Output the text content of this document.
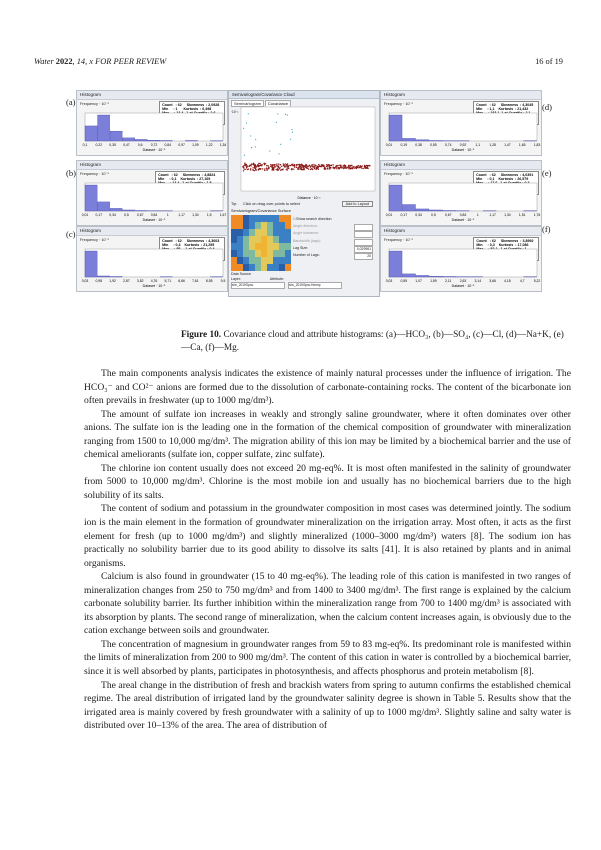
Water 2022, 14, x FOR PEER REVIEW	16 of 19
(a)
(b)
(c)
(d)
(e)
(f)
Histogram
Frequency · 10⁻¹	Count   : 62     Skewness  : 2,0928
Min     : 1      Kurtosis  : 6,498

0,1 0,22 0,35 0,47 0,6 0,72 0,84 0,97 1,09 1,22 1,34
Dataset · 10⁻¹
Histogram
Frequency · 10⁻¹	Count   : 62     Skewness  : 4,8824
Min     : 0,1    Kurtosis  : 27,169

0,01 0,17 0,34 0,5 0,67 0,84	1	1,17 1,34 1,5 1,67
Dataset · 10⁻¹
Histogram
Frequency · 10⁻¹	Count   : 62     Skewness  : 4,3603
Min     : 0,3    Kurtosis  : 21,295

0,03 0,98 1,92 2,87 3,82 4,76 5,71 6,66 7,61 8,55 9,5
Dataset · 10⁻¹
Semivariogram/Covariance Cloud
Semivariogram Covariance
Distance · 10⁻¹
·10⁻¹
Tip: Click on drag over points to select	Add to Layout
Semivariogram/Covariance Surface
□ Show search direction
Angle direction:
Angle tolerance:
Bandwidth (lags):
Lag Size:	0,029961
Number of Lags:	20
Data Source
Layer:	Attribute:
shv_2019Gpsc	shv_2019Gpsc.Hmmp
Histogram
Frequency · 10⁻¹	Count   : 62     Skewness  : 4,3045
Min     : 1,1    Kurtosis  : 21,432

0,01 0,19 0,38 0,55 0,74 0,92	1,1	1,28 1,47 1,65 1,83
Dataset · 10⁻¹
Histogram
Frequency · 10⁻¹	Count   : 62     Skewness  : 4,6391
Min     : 0,1    Kurtosis  : 26,579

0,01 0,17 0,34	0,5	0,67 0,84	1	1,17 1,34 1,51 1,76
Dataset · 10⁻¹
Histogram
Frequency · 10⁻¹	Count   : 62     Skewness  : 3,8992
Min     : 0,3    Kurtosis  : 17,086

0,03 0,55 1,07 1,59 2,11 2,63 3,14 3,66 4,18	4,7	5,22
Dataset · 10⁻¹
Figure 10. Covariance cloud and attribute histograms: (a)—HCO₃, (b)—SO₄, (c)—Cl, (d)—Na+K, (e)—Ca, (f)—Mg.

The main components analysis indicates the existence of mainly natural processes under the influence of irrigation. The HCO₃⁻ and CO²⁻ anions are formed due to the dissolution of carbonate-containing rocks. The content of the bicarbonate ion often prevails in freshwater (up to 1000 mg/dm³).

The amount of sulfate ion increases in weakly and strongly saline groundwater, where it often dominates over other anions. The sulfate ion is the leading one in the formation of the chemical composition of groundwater with mineralization ranging from 1500 to 10,000 mg/dm³. The migration ability of this ion may be limited by a biochemical barrier and the use of chemical ameliorants (sulfate ion, copper sulfate, zinc sulfate).

The chlorine ion content usually does not exceed 20 mg-eq%. It is most often manifested in the salinity of groundwater from 5000 to 10,000 mg/dm³. Chlorine is the most mobile ion and usually has no biochemical barriers due to the high solubility of its salts.

The content of sodium and potassium in the groundwater composition in most cases was determined jointly. The sodium ion is the main element in the formation of groundwater mineralization on the irrigation array. Most often, it acts as the first element for fresh (up to 1000 mg/dm³) and slightly mineralized (1000–3000 mg/dm³) waters [8]. The sodium ion has practically no solubility barrier due to its good ability to dissolve its salts [41]. It is also retained by plants and in animal organisms.

Calcium is also found in groundwater (15 to 40 mg-eq%). The leading role of this cation is manifested in two ranges of mineralization changes from 250 to 750 mg/dm³ and from 1400 to 3400 mg/dm³. The first range is explained by the calcium carbonate solubility barrier. Its further inhibition within the mineralization range from 700 to 1400 mg/dm³ is associated with its absorption by plants. The second range of mineralization, when the calcium content increases again, is obviously due to the cation exchange between soils and groundwater.

The concentration of magnesium in groundwater ranges from 59 to 83 mg-eq%. Its predominant role is manifested within the limits of mineralization from 200 to 900 mg/dm³. The content of this cation in water is controlled by a biochemical barrier, since it is well absorbed by plants, participates in photosynthesis, and affects phosphorus and protein metabolism [8].

The areal change in the distribution of fresh and brackish waters from spring to autumn confirms the established chemical regime. The areal distribution of irrigated land by the groundwater salinity degree is shown in Table 5. Results show that the irrigated area is mainly covered by fresh groundwater with a salinity of up to 1000 mg/dm³. Slightly saline and salty water is distributed over 10–13% of the area. The area of distribution of
